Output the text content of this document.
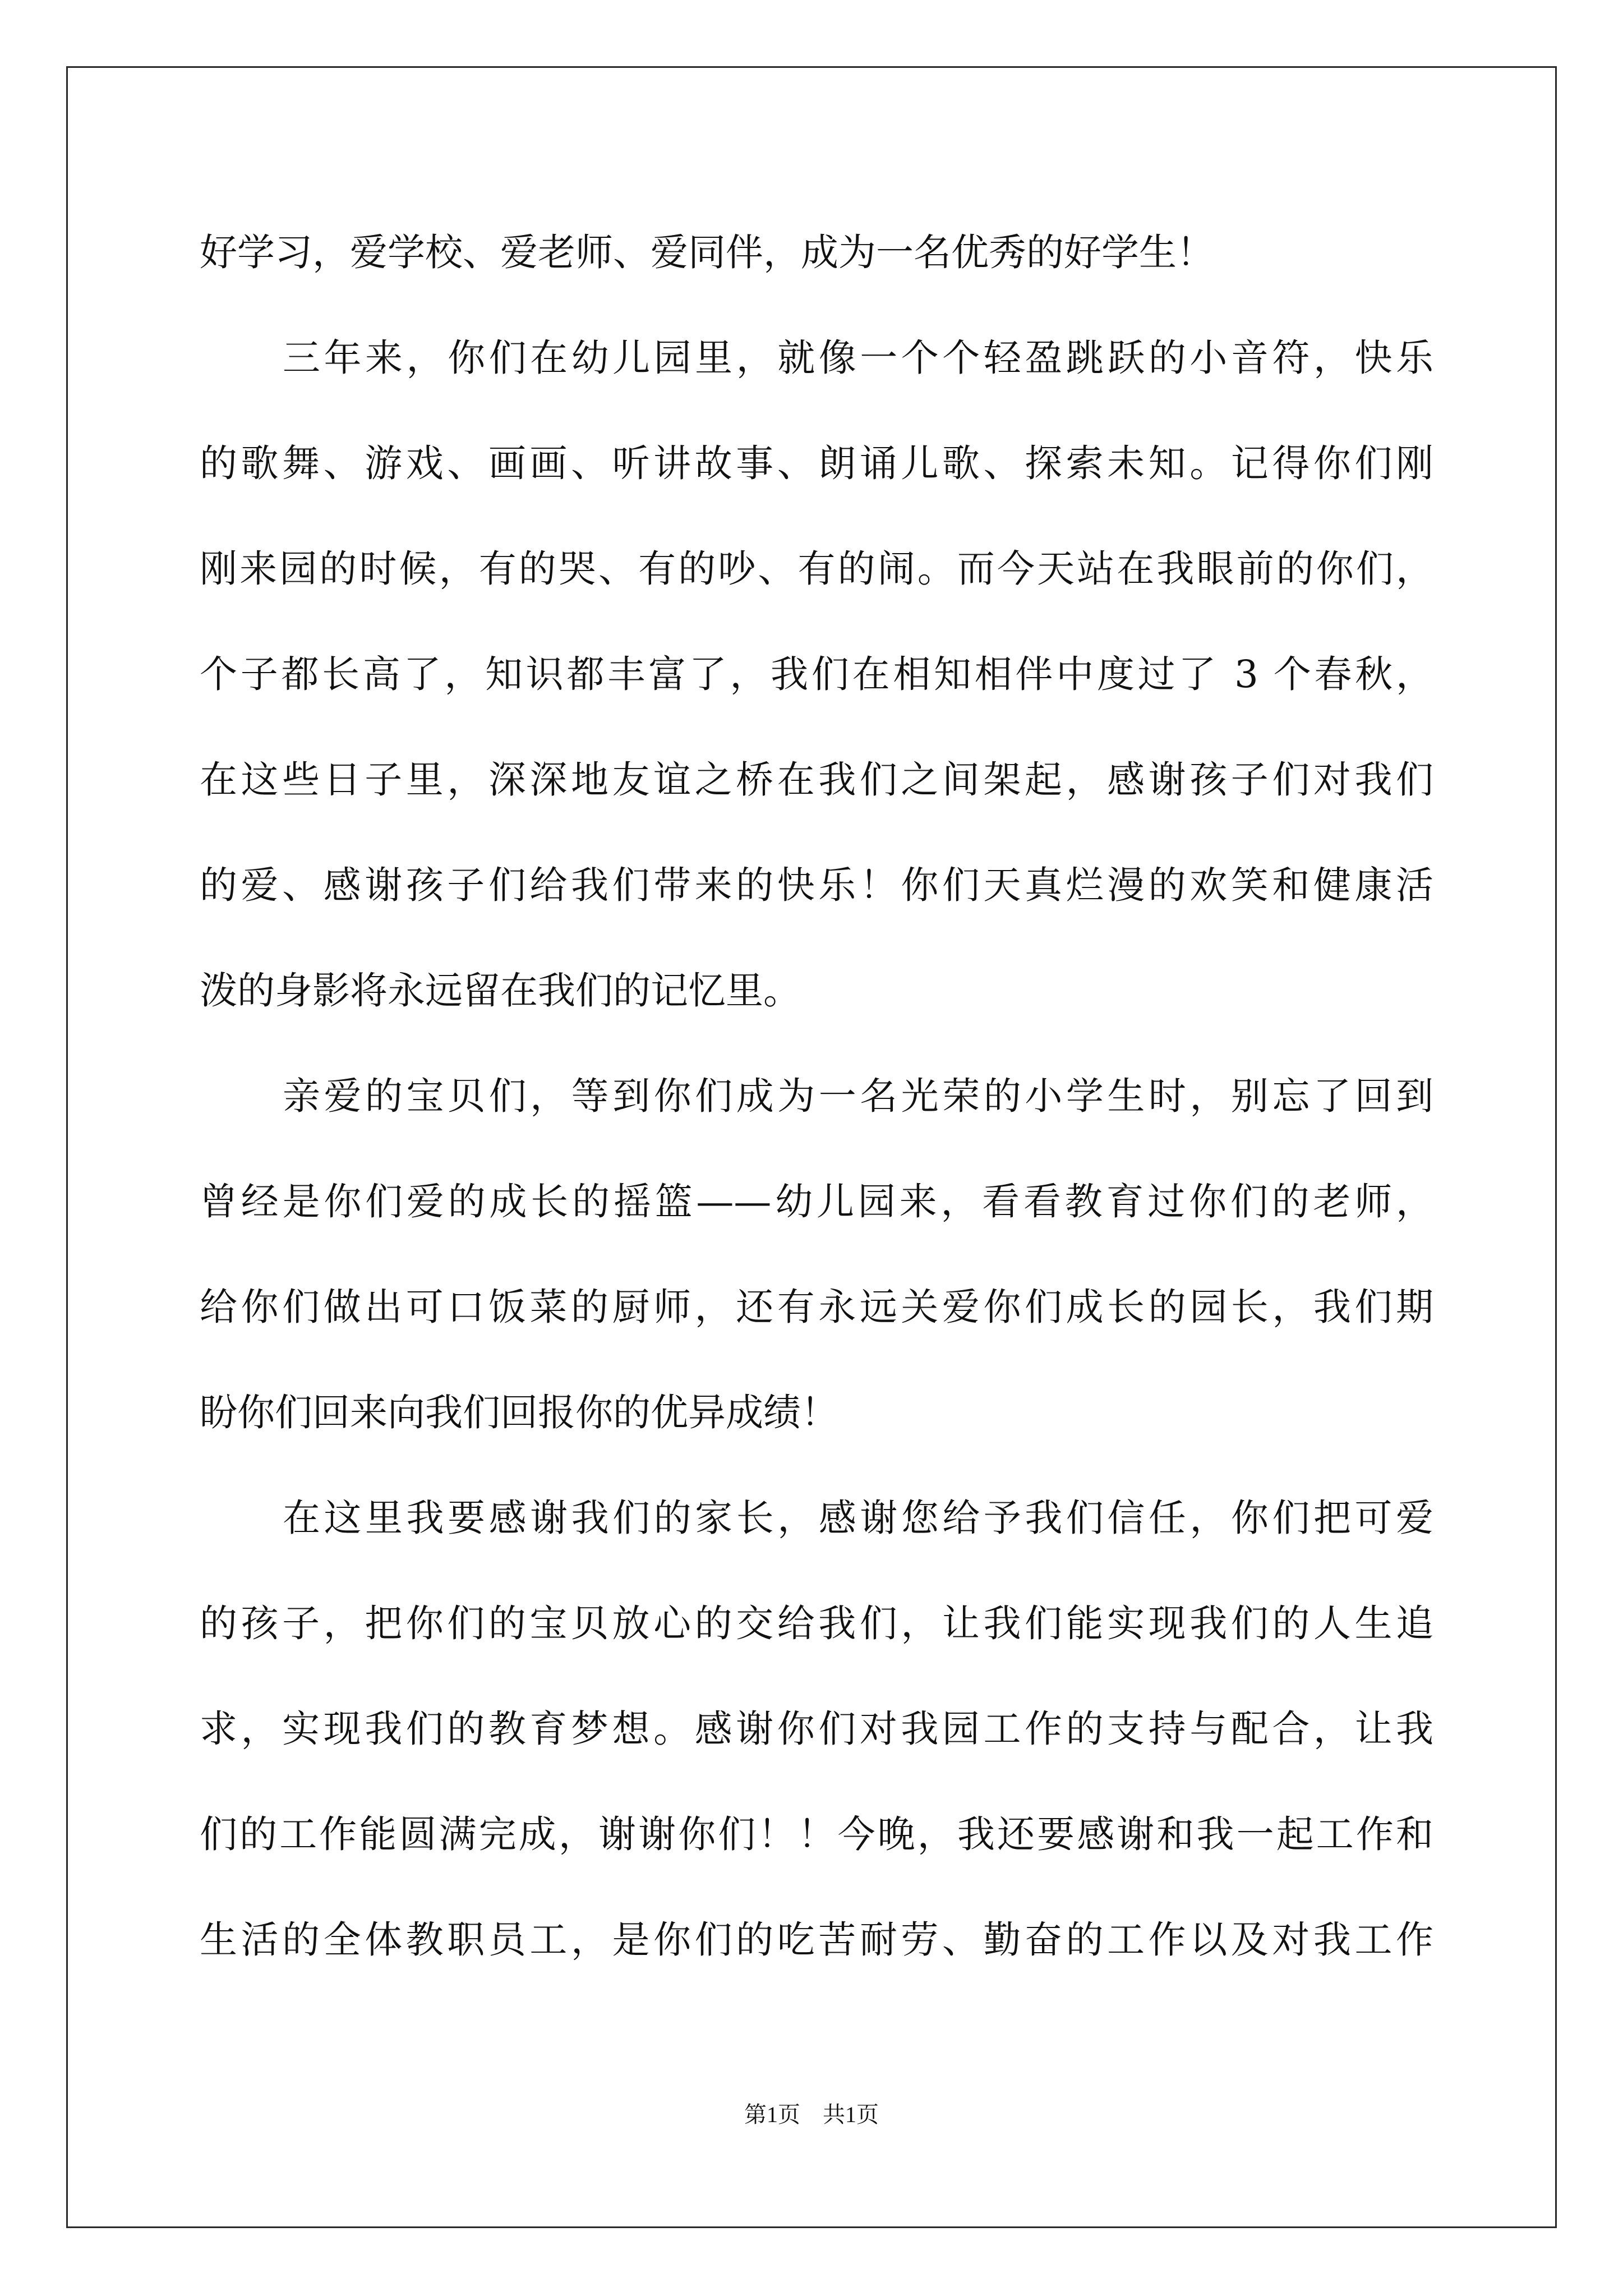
好学习，爱学校、爱老师、爱同伴，成为一名优秀的好学生！
三年来，你们在幼儿园里，就像一个个轻盈跳跃的小音符，快乐
的歌舞、游戏、画画、听讲故事、朗诵儿歌、探索未知。记得你们刚
刚来园的时候，有的哭、有的吵、有的闹。而今天站在我眼前的你们，
个子都长高了，知识都丰富了，我们在相知相伴中度过了 3 个春秋，
在这些日子里，深深地友谊之桥在我们之间架起，感谢孩子们对我们
的爱、感谢孩子们给我们带来的快乐！你们天真烂漫的欢笑和健康活
泼的身影将永远留在我们的记忆里。
亲爱的宝贝们，等到你们成为一名光荣的小学生时，别忘了回到
曾经是你们爱的成长的摇篮——幼儿园来，看看教育过你们的老师，
给你们做出可口饭菜的厨师，还有永远关爱你们成长的园长，我们期
盼你们回来向我们回报你的优异成绩！
在这里我要感谢我们的家长，感谢您给予我们信任，你们把可爱
的孩子，把你们的宝贝放心的交给我们，让我们能实现我们的人生追
求，实现我们的教育梦想。感谢你们对我园工作的支持与配合，让我
们的工作能圆满完成，谢谢你们！！今晚，我还要感谢和我一起工作和
生活的全体教职员工，是你们的吃苦耐劳、勤奋的工作以及对我工作
第1页　共1页
